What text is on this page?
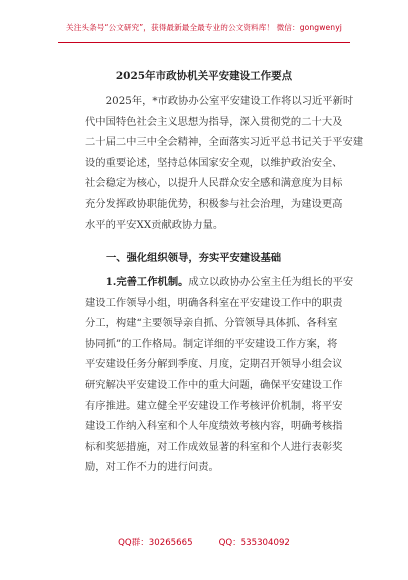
关注头条号“公文研究”，获得最新最全最专业的公文资料库！ 微信：gongwenyj
2025年市政协机关平安建设工作要点
2025年，*市政协办公室平安建设工作将以习近平新时
代中国特色社会主义思想为指导，深入贯彻党的二十大及
二十届二中三中全会精神，全面落实习近平总书记关于平安建
设的重要论述，坚持总体国家安全观，以维护政治安全、
社会稳定为核心，以提升人民群众安全感和满意度为目标
充分发挥政协职能优势，积极参与社会治理，为建设更高
水平的平安XX贡献政协力量。
一、强化组织领导，夯实平安建设基础
1.完善工作机制。成立以政协办公室主任为组长的平安
建设工作领导小组，明确各科室在平安建设工作中的职责
分工，构建“主要领导亲自抓、分管领导具体抓、各科室
协同抓”的工作格局。制定详细的平安建设工作方案，将
平安建设任务分解到季度、月度，定期召开领导小组会议
研究解决平安建设工作中的重大问题，确保平安建设工作
有序推进。建立健全平安建设工作考核评价机制，将平安
建设工作纳入科室和个人年度绩效考核内容，明确考核指
标和奖惩措施，对工作成效显著的科室和个人进行表彰奖
励，对工作不力的进行问责。
QQ群：30265665	QQ：535304092
